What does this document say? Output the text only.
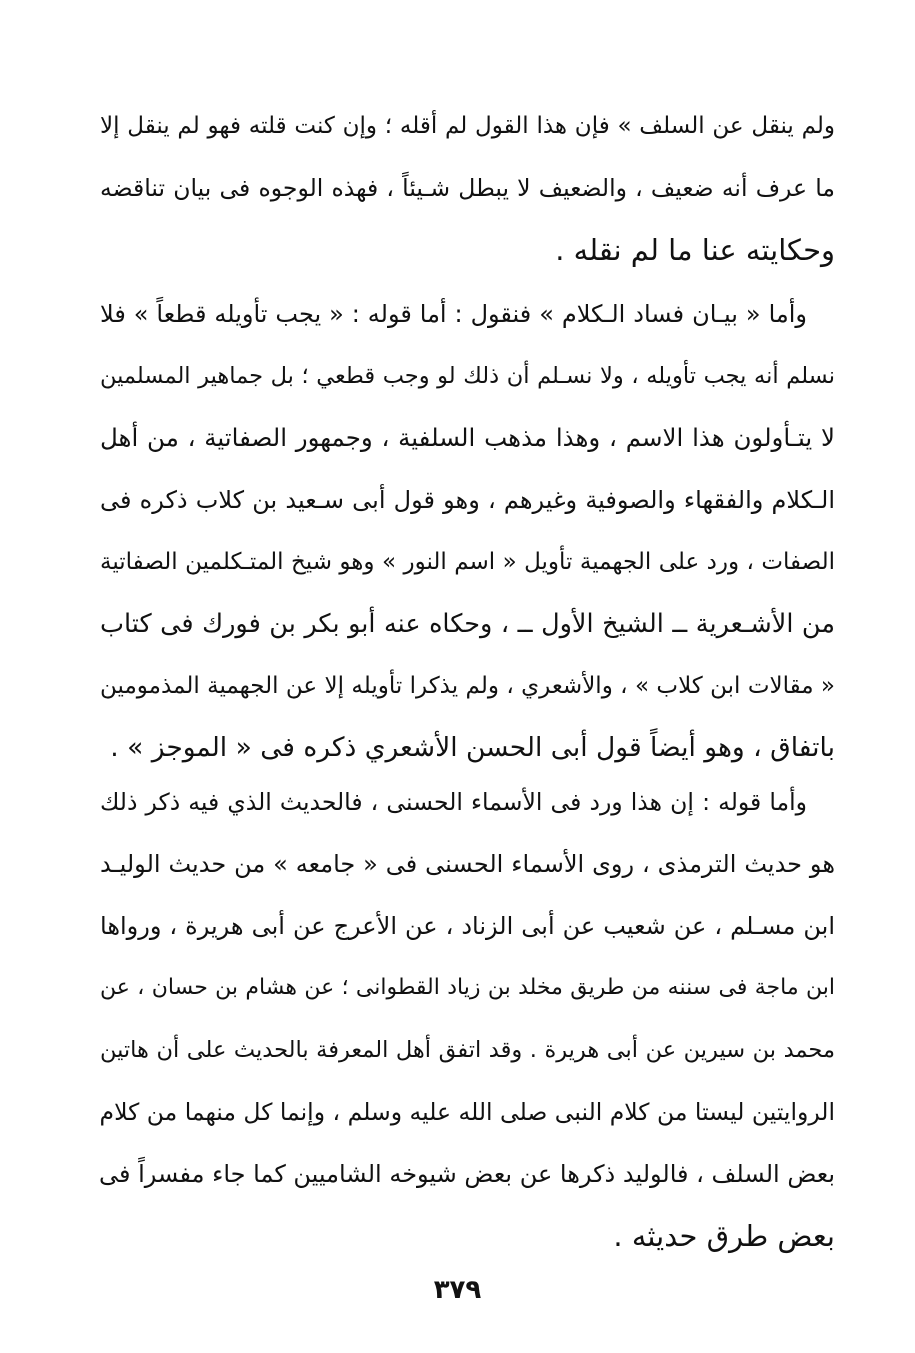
ولم ينقل عن السلف » فإن هذا القول لم أقله ؛ وإن كنت قلته فهو لم ينقل إلا
ما عرف أنه ضعيف ، والضعيف لا يبطل شـيئاً ، فهذه الوجوه فى بيان تناقضه
وحكايته عنا ما لم نقله .
وأما « بيـان فساد الـكلام » فنقول : أما قوله : « يجب تأويله قطعاً » فلا
نسلم أنه يجب تأويله ، ولا نسـلم أن ذلك لو وجب قطعي ؛ بل جماهير المسلمين
لا يتـأولون هذا الاسم ، وهذا مذهب السلفية ، وجمهور الصفاتية ، من أهل
الـكلام والفقهاء والصوفية وغيرهم ، وهو قول أبى سـعيد بن كلاب ذكره فى
الصفات ، ورد على الجهمية تأويل « اسم النور » وهو شيخ المتـكلمين الصفاتية
من الأشـعرية ــ الشيخ الأول ــ ، وحكاه عنه أبو بكر بن فورك فى كتاب
« مقالات ابن كلاب » ، والأشعري ، ولم يذكرا تأويله إلا عن الجهمية المذمومين
باتفاق ، وهو أيضاً قول أبى الحسن الأشعري ذكره فى « الموجز » .
وأما قوله : إن هذا ورد فى الأسماء الحسنى ، فالحديث الذي فيه ذكر ذلك
هو حديث الترمذى ، روى الأسماء الحسنى فى « جامعه » من حديث الوليـد
ابن مسـلم ، عن شعيب عن أبى الزناد ، عن الأعرج عن أبى هريرة ، ورواها
ابن ماجة فى سننه من طريق مخلد بن زياد القطوانى ؛ عن هشام بن حسان ، عن
محمد بن سيرين عن أبى هريرة . وقد اتفق أهل المعرفة بالحديث على أن هاتين
الروايتين ليستا من كلام النبى صلى الله عليه وسلم ، وإنما كل منهما من كلام
بعض السلف ، فالوليد ذكرها عن بعض شيوخه الشاميين كما جاء مفسراً فى
بعض طرق حديثه .
٣٧٩
